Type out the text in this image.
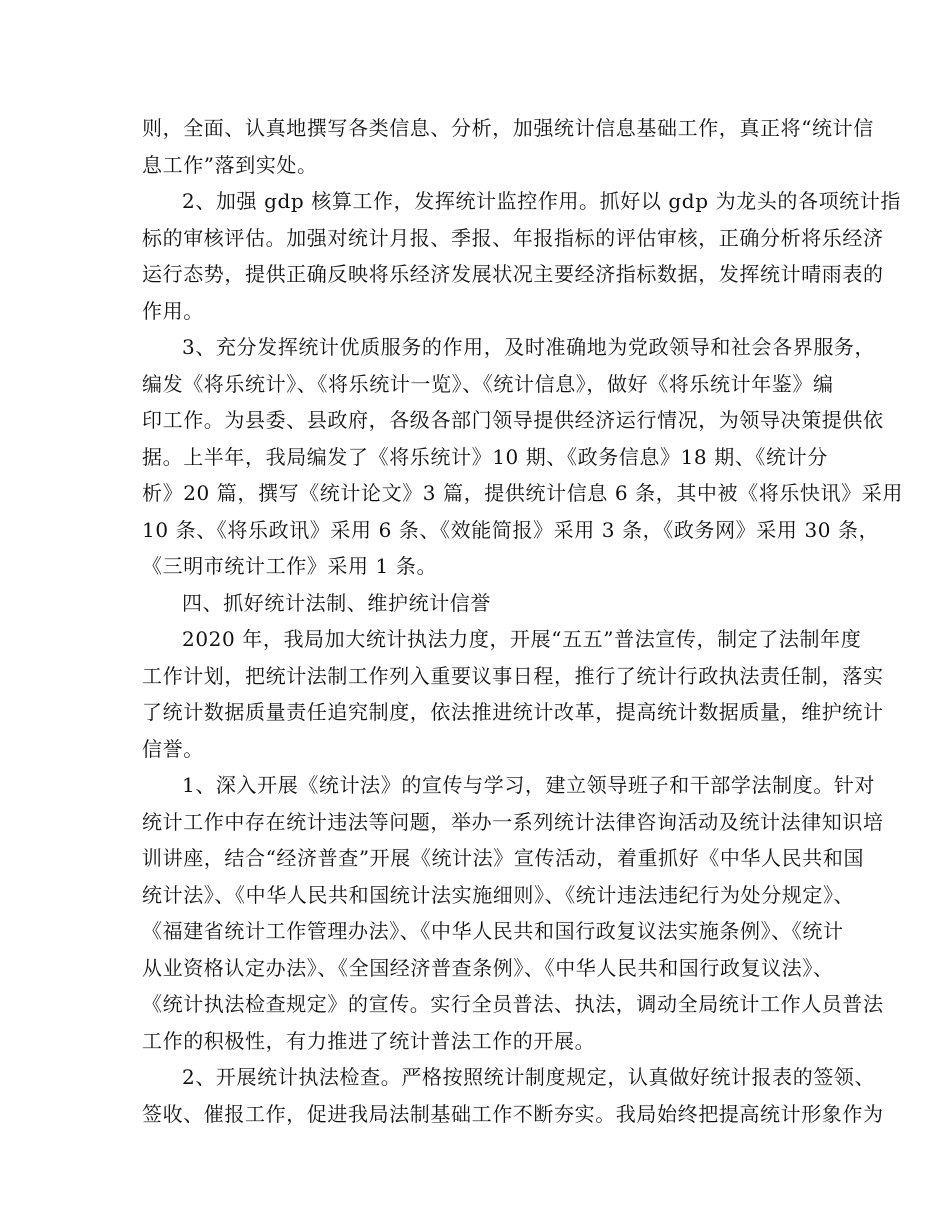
则，全面、认真地撰写各类信息、分析，加强统计信息基础工作，真正将“统计信
息工作”落到实处。
2、加强 gdp 核算工作，发挥统计监控作用。抓好以 gdp 为龙头的各项统计指
标的审核评估。加强对统计月报、季报、年报指标的评估审核，正确分析将乐经济
运行态势，提供正确反映将乐经济发展状况主要经济指标数据，发挥统计晴雨表的
作用。
3、充分发挥统计优质服务的作用，及时准确地为党政领导和社会各界服务，
编发《将乐统计》、《将乐统计一览》、《统计信息》，做好《将乐统计年鉴》编
印工作。为县委、县政府，各级各部门领导提供经济运行情况，为领导决策提供依
据。上半年，我局编发了《将乐统计》10 期、《政务信息》18 期、《统计分
析》20 篇，撰写《统计论文》3 篇，提供统计信息 6 条，其中被《将乐快讯》采用
10 条、《将乐政讯》采用 6 条、《效能简报》采用 3 条，《政务网》采用 30 条，
《三明市统计工作》采用 1 条。
四、抓好统计法制、维护统计信誉
2020 年，我局加大统计执法力度，开展“五五”普法宣传，制定了法制年度
工作计划，把统计法制工作列入重要议事日程，推行了统计行政执法责任制，落实
了统计数据质量责任追究制度，依法推进统计改革，提高统计数据质量，维护统计
信誉。
1、深入开展《统计法》的宣传与学习，建立领导班子和干部学法制度。针对
统计工作中存在统计违法等问题，举办一系列统计法律咨询活动及统计法律知识培
训讲座，结合“经济普查”开展《统计法》宣传活动，着重抓好《中华人民共和国
统计法》、《中华人民共和国统计法实施细则》、《统计违法违纪行为处分规定》、
《福建省统计工作管理办法》、《中华人民共和国行政复议法实施条例》、《统计
从业资格认定办法》、《全国经济普查条例》、《中华人民共和国行政复议法》、
《统计执法检查规定》的宣传。实行全员普法、执法，调动全局统计工作人员普法
工作的积极性，有力推进了统计普法工作的开展。
2、开展统计执法检查。严格按照统计制度规定，认真做好统计报表的签领、
签收、催报工作，促进我局法制基础工作不断夯实。我局始终把提高统计形象作为
